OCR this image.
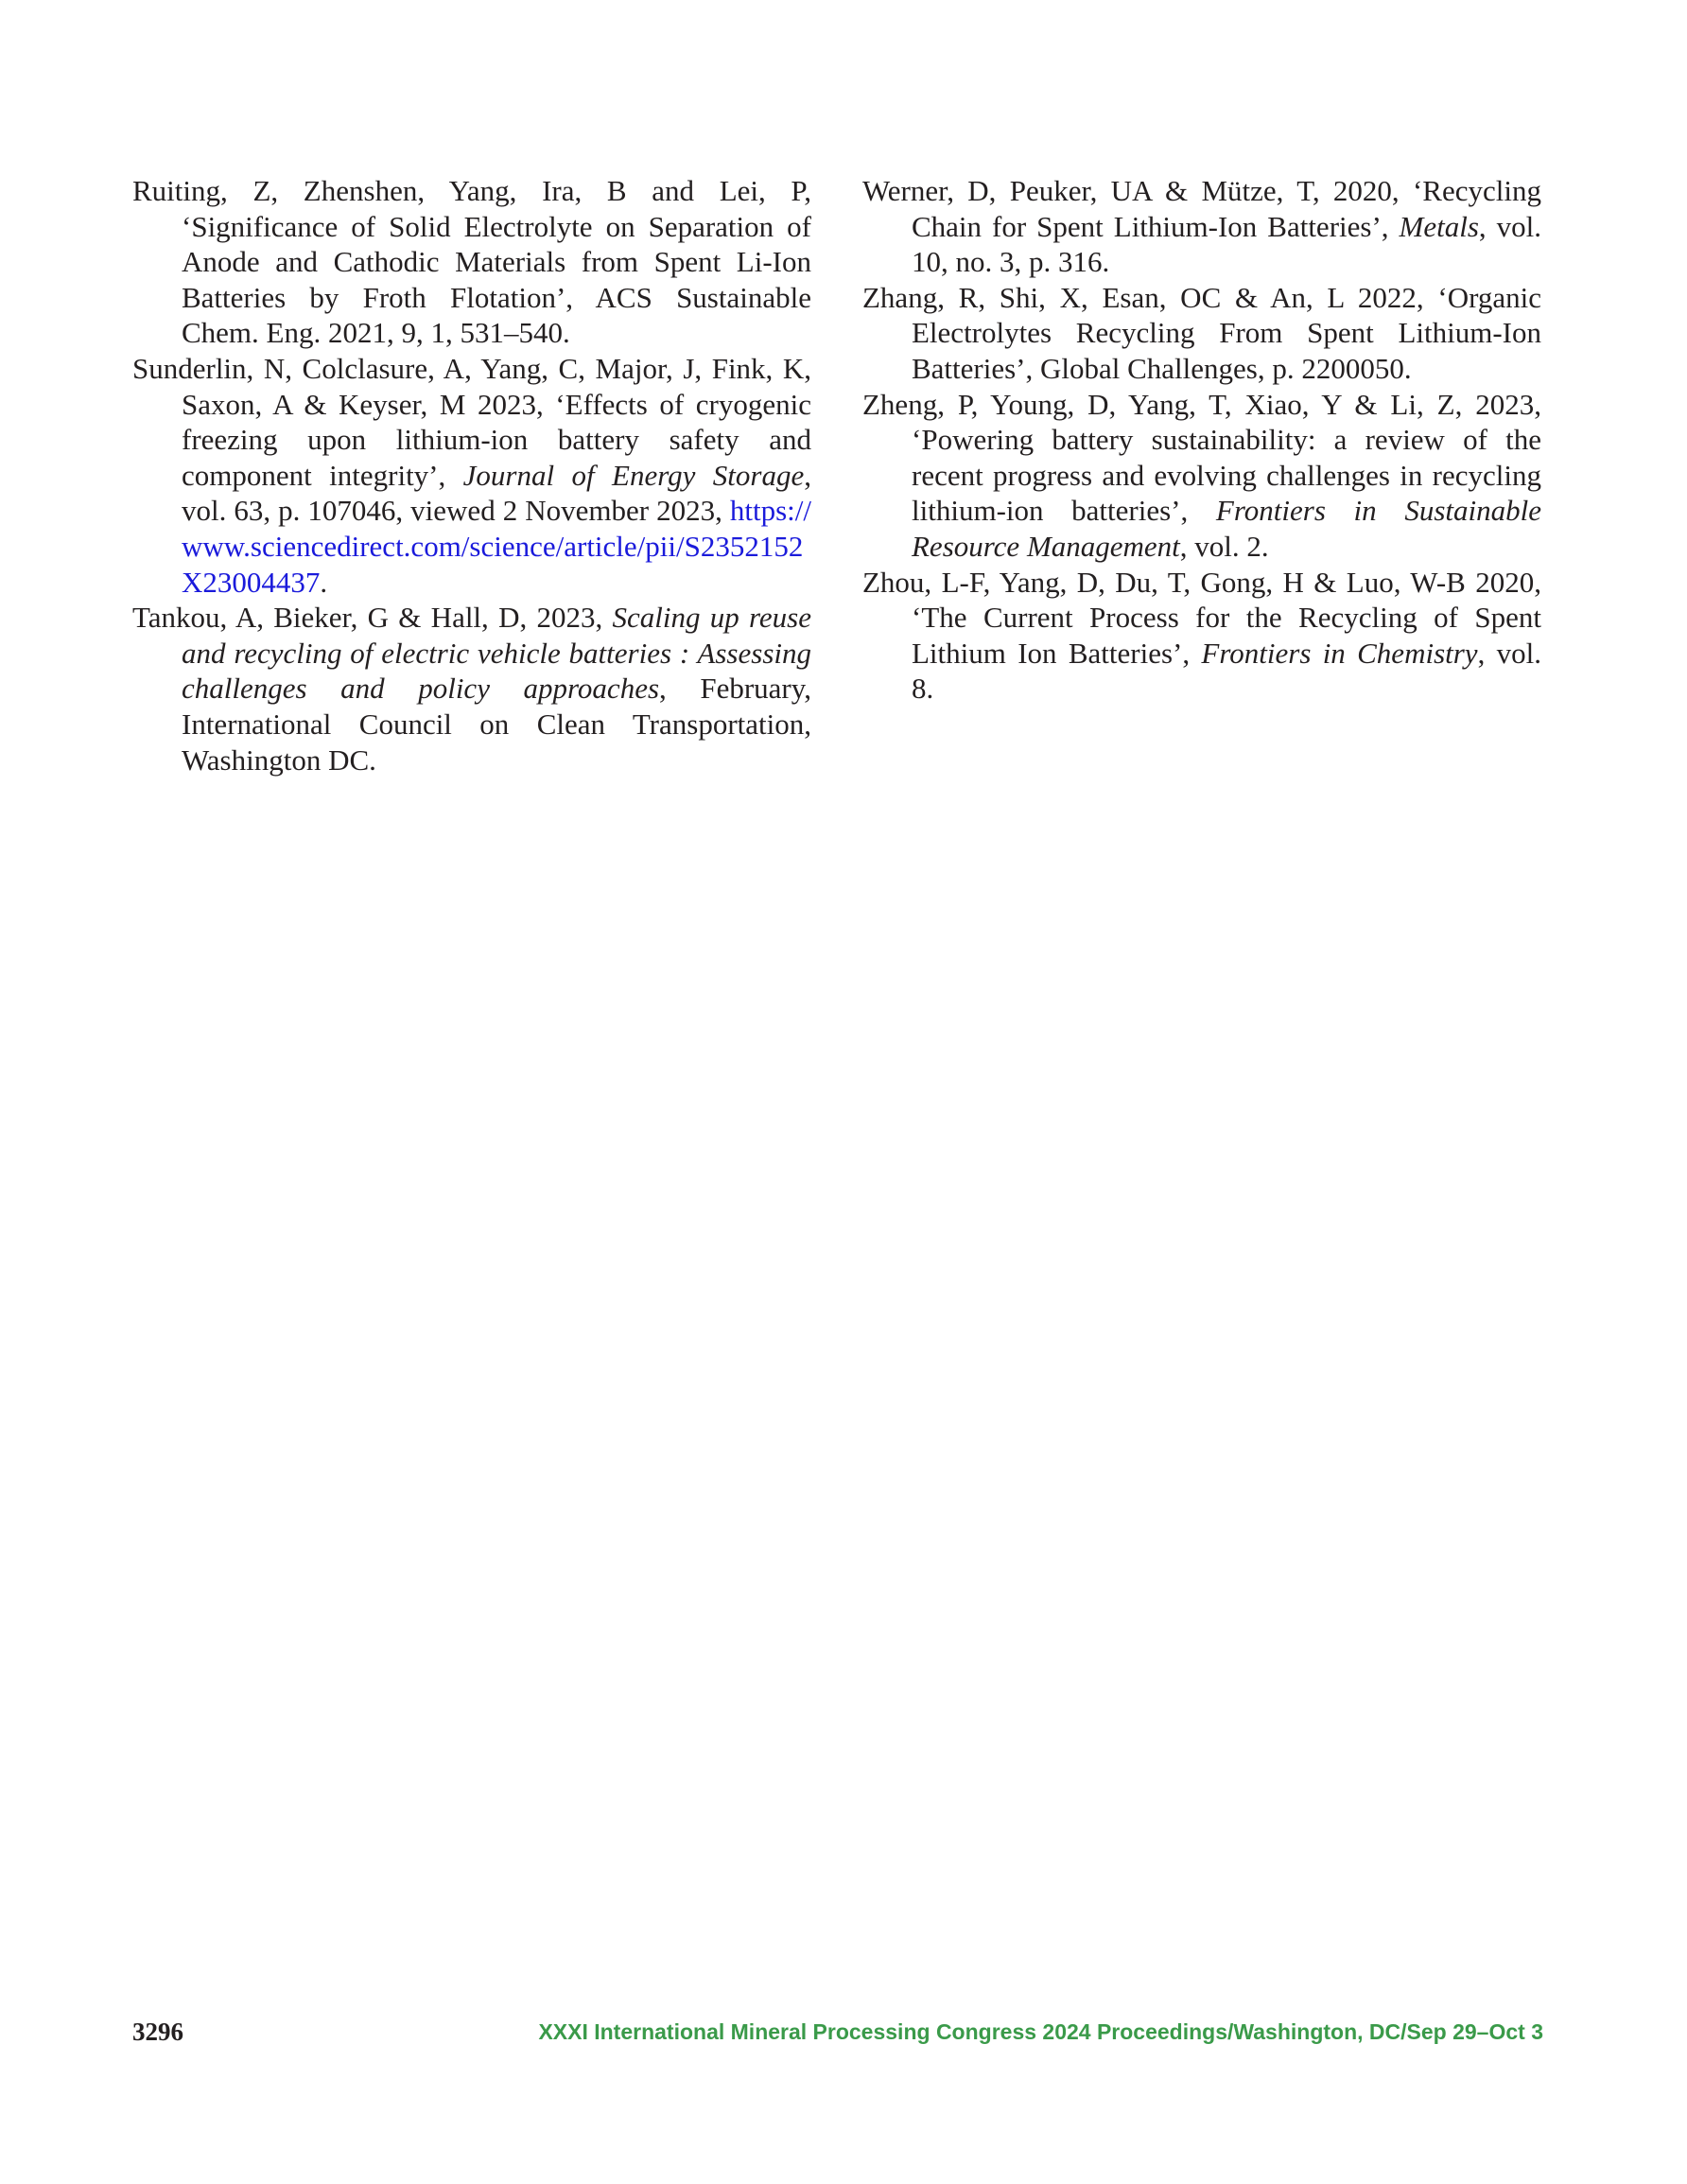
Ruiting, Z, Zhenshen, Yang, Ira, B and Lei, P, ‘Significance of Solid Electrolyte on Separation of Anode and Cathodic Materials from Spent Li-Ion Batteries by Froth Flotation’, ACS Sustainable Chem. Eng. 2021, 9, 1, 531–540.

Sunderlin, N, Colclasure, A, Yang, C, Major, J, Fink, K, Saxon, A & Keyser, M 2023, ‘Effects of cryogenic freezing upon lithium-ion battery safety and component integrity’, Journal of Energy Storage, vol. 63, p. 107046, viewed 2 November 2023, https://www.sciencedirect.com/science/article/pii/S2352152X23004437.

Tankou, A, Bieker, G & Hall, D, 2023, Scaling up reuse and recycling of electric vehicle batteries : Assessing challenges and policy approaches, February, International Council on Clean Transportation, Washington DC.

Werner, D, Peuker, UA & Mütze, T, 2020, ‘Recycling Chain for Spent Lithium-Ion Batteries’, Metals, vol. 10, no. 3, p. 316.

Zhang, R, Shi, X, Esan, OC & An, L 2022, ‘Organic Electrolytes Recycling From Spent Lithium-Ion Batteries’, Global Challenges, p. 2200050.

Zheng, P, Young, D, Yang, T, Xiao, Y & Li, Z, 2023, ‘Powering battery sustainability: a review of the recent progress and evolving challenges in recycling lithium-ion batteries’, Frontiers in Sustainable Resource Management, vol. 2.

Zhou, L-F, Yang, D, Du, T, Gong, H & Luo, W-B 2020, ‘The Current Process for the Recycling of Spent Lithium Ion Batteries’, Frontiers in Chemistry, vol. 8.

3296	XXXI International Mineral Processing Congress 2024 Proceedings/Washington, DC/Sep 29–Oct 3
